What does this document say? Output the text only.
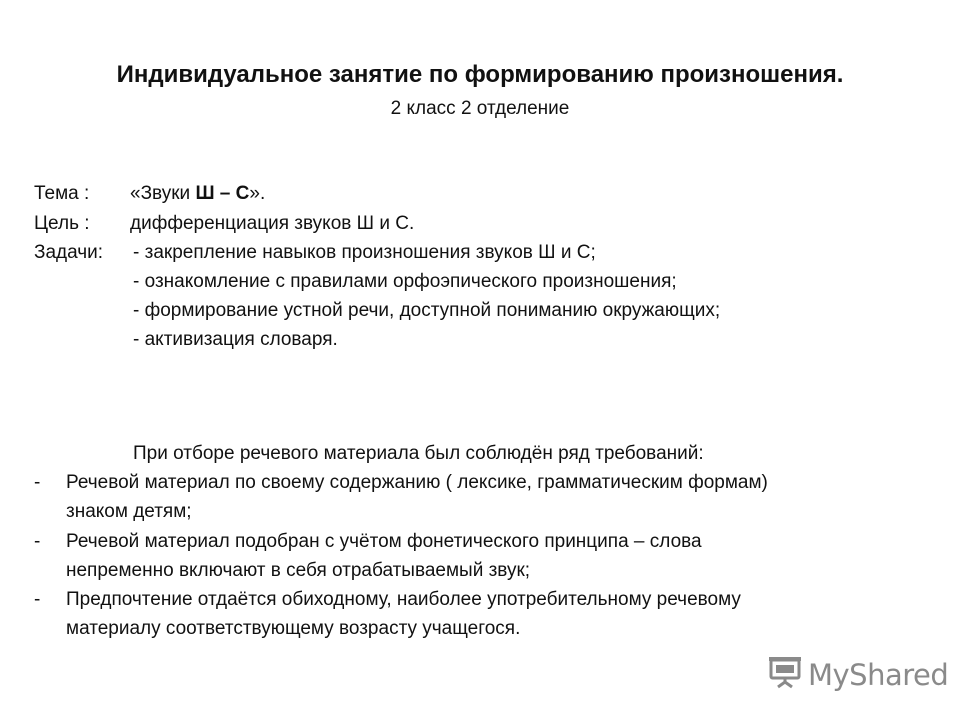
Индивидуальное занятие по формированию произношения.
2 класс 2 отделение
Тема : «Звуки Ш – С».
Цель : дифференциация звуков Ш и С.
Задачи: - закрепление навыков произношения звуков Ш и С;
- ознакомление с правилами орфоэпического произношения;
- формирование устной речи, доступной пониманию окружающих;
- активизация словаря.
При отборе речевого материала был соблюдён ряд требований:
- Речевой материал по своему содержанию ( лексике, грамматическим формам)
знаком детям;
- Речевой материал подобран с учётом фонетического принципа – слова
непременно включают в себя отрабатываемый звук;
- Предпочтение отдаётся обиходному, наиболее употребительному речевому
материалу соответствующему возрасту учащегося.
MyShared
